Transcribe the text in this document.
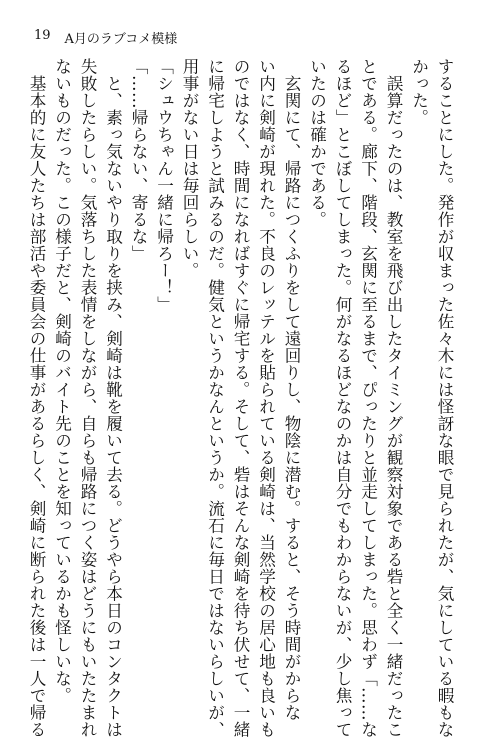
19 A月のラブコメ模様

することにした。発作が収まった佐々木には怪訝な眼で見られたが、気にしている暇もな

かった。

誤算だったのは、教室を飛び出したタイミングが観察対象である砦と全く一緒だったこ

とである。廊下、階段、玄関に至るまで、ぴったりと並走してしまった。思わず「……な

るほど」とこぼしてしまった。何がなるほどなのかは自分でもわからないが、少し焦って

いたのは確かである。

玄関にて、帰路につくふりをして遠回りし、物陰に潜む。すると、そう時間がからな

い内に剣崎が現れた。不良のレッテルを貼られている剣崎は、当然学校の居心地も良いも

のではなく、時間になればすぐに帰宅する。そして、砦はそんな剣崎を待ち伏せて、一緒

に帰宅しようと試みるのだ。健気というかなんというか。流石に毎日ではないらしいが、

用事がない日は毎回らしい。

「シュウちゃん一緒に帰ろー！」

「……帰らない、寄るな」

と、素っ気ないやり取りを挟み、剣崎は靴を履いて去る。どうやら本日のコンタクトは

失敗したらしい。気落ちした表情をしながら、自らも帰路につく姿はどうにもいたたまれ

ないものだった。この様子だと、剣崎のバイト先のことを知っているかも怪しいな。

基本的に友人たちは部活や委員会の仕事があるらしく、剣崎に断られた後は一人で帰る
